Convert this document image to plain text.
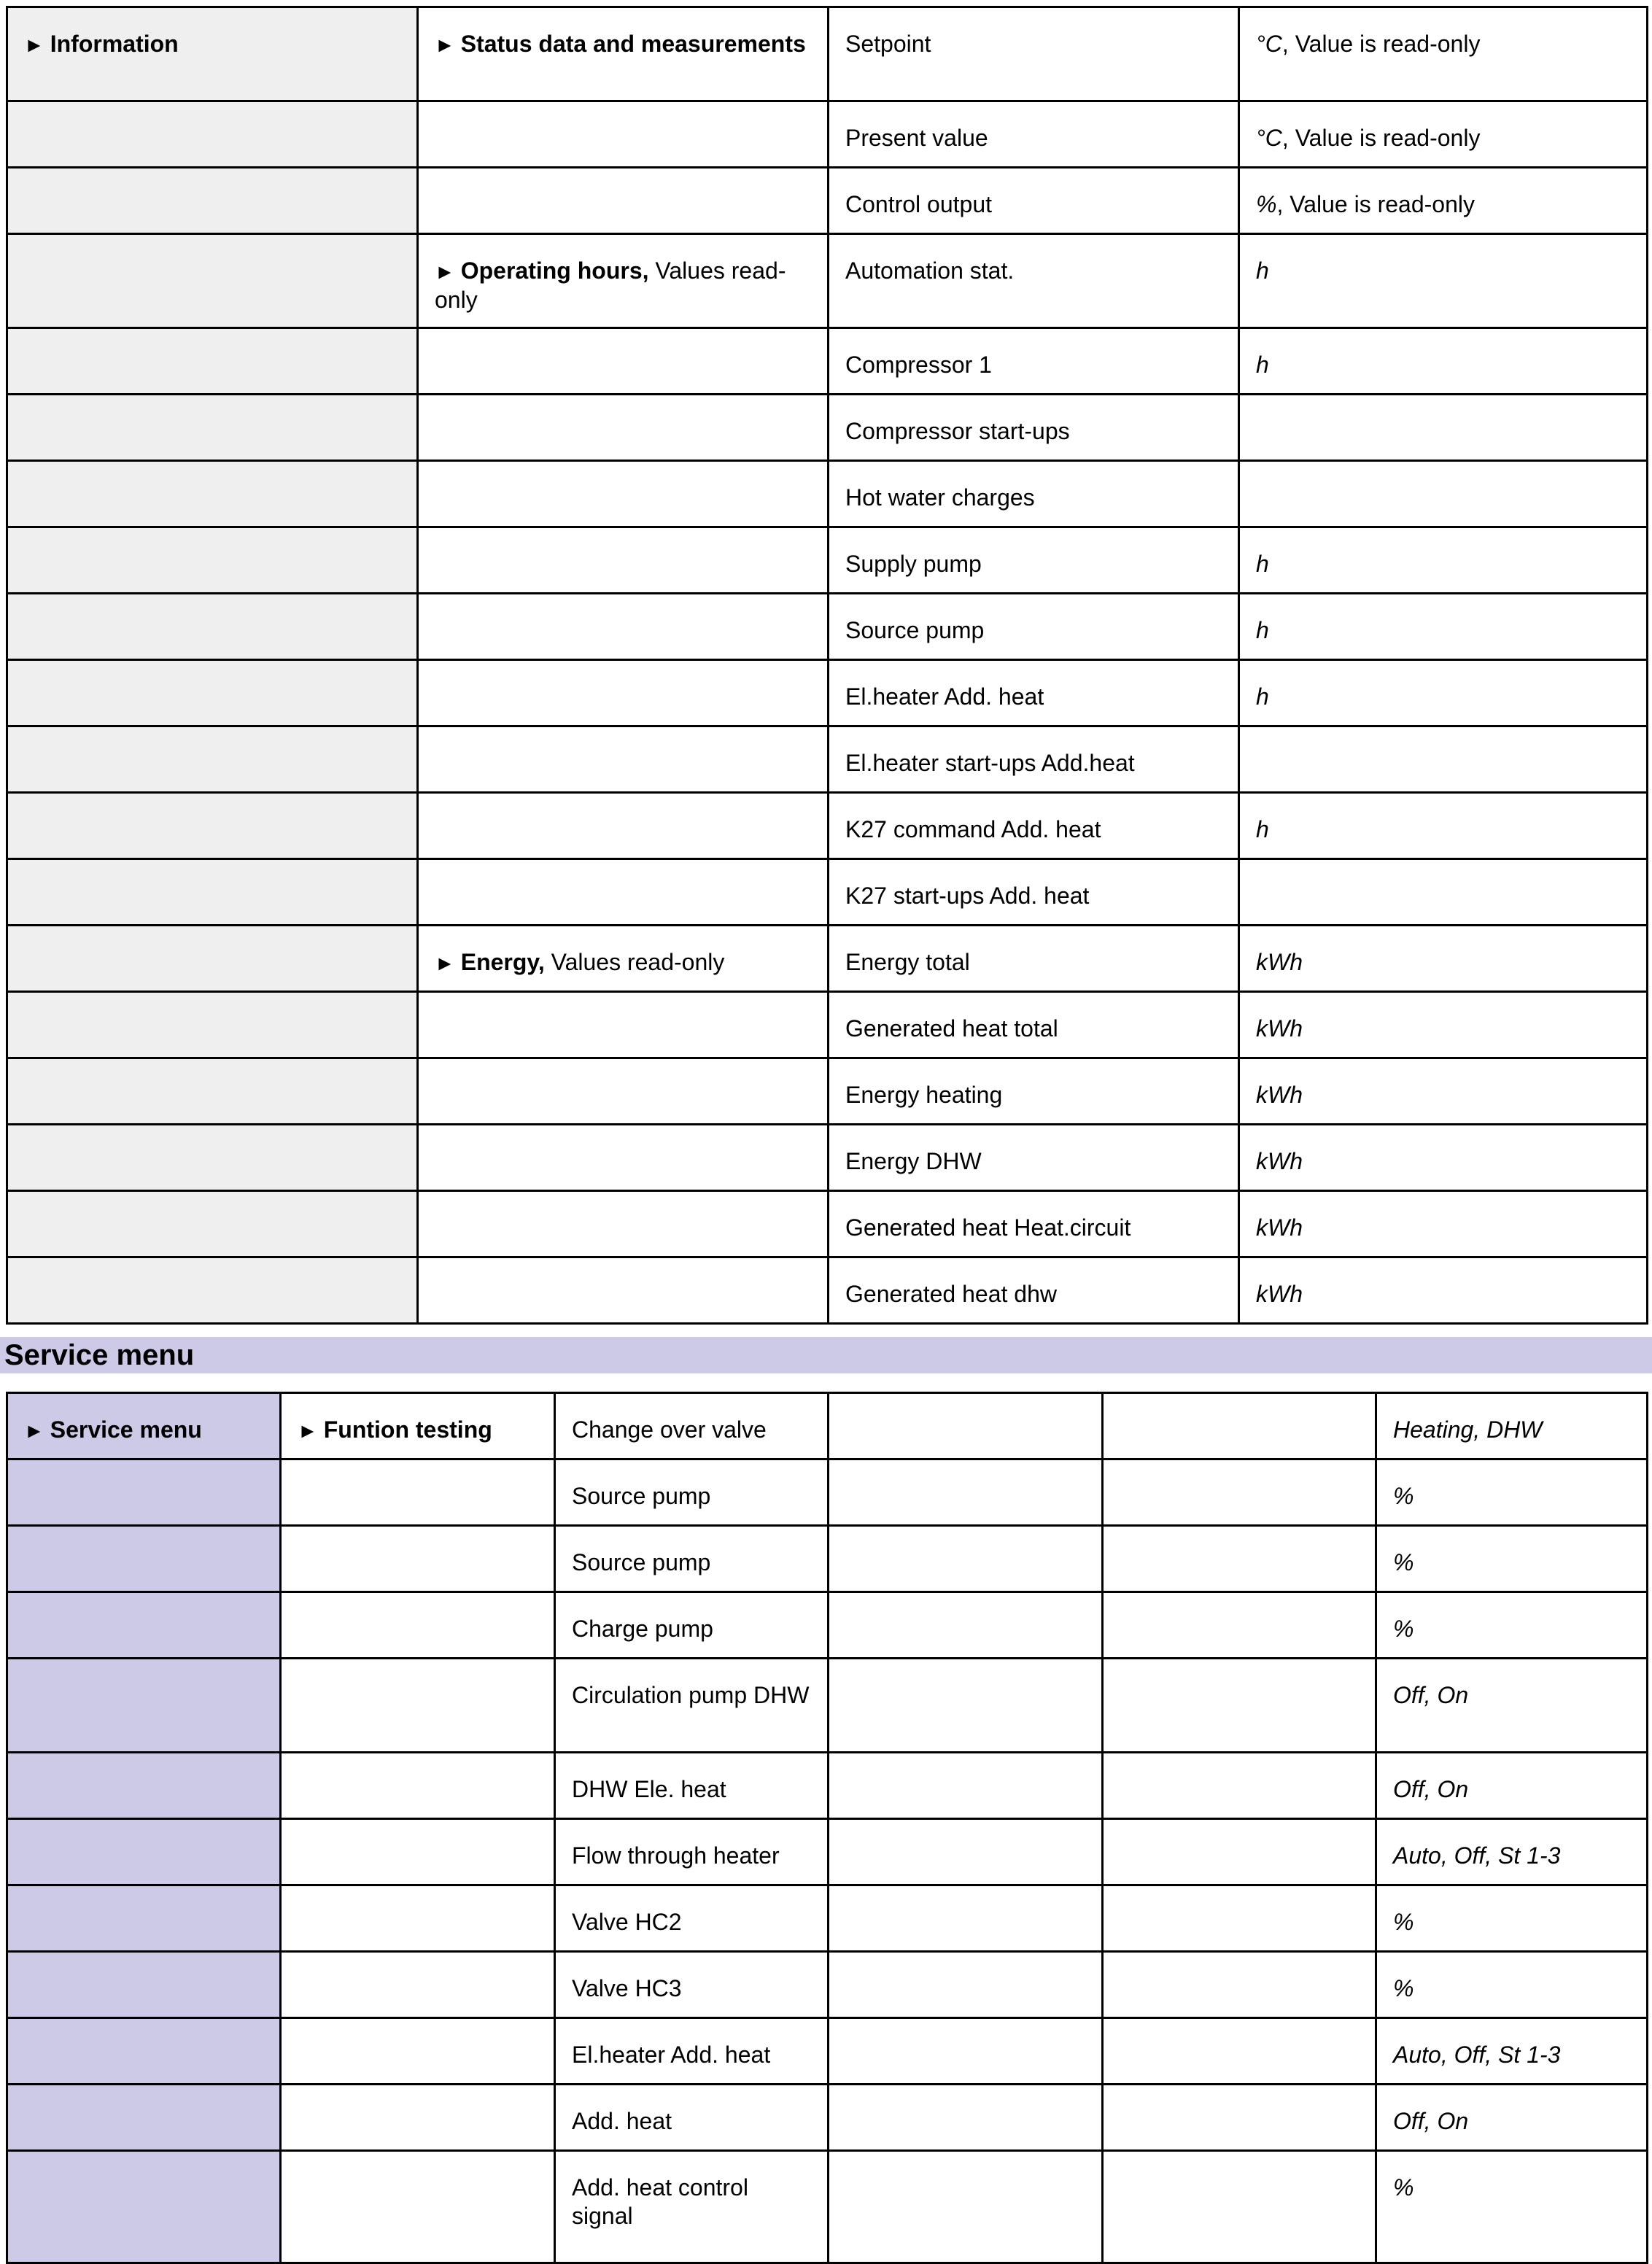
► Information	► Status data and measurements	Setpoint	°C, Value is read-only
		Present value	°C, Value is read-only
		Control output	%, Value is read-only
	► Operating hours, Values read-only	Automation stat.	h
		Compressor 1	h
		Compressor start-ups	
		Hot water charges	
		Supply pump	h
		Source pump	h
		El.heater Add. heat	h
		El.heater start-ups Add.heat	
		K27 command Add. heat	h
		K27 start-ups Add. heat	
	► Energy, Values read-only	Energy total	kWh
		Generated heat total	kWh
		Energy heating	kWh
		Energy DHW	kWh
		Generated heat Heat.circuit	kWh
		Generated heat dhw	kWh
Service menu
► Service menu	► Funtion testing	Change over valve			Heating, DHW
		Source pump			%
		Source pump			%
		Charge pump			%
		Circulation pump DHW			Off, On
		DHW Ele. heat			Off, On
		Flow through heater			Auto, Off, St 1-3
		Valve HC2			%
		Valve HC3			%
		El.heater Add. heat			Auto, Off, St 1-3
		Add. heat			Off, On
		Add. heat control signal			%
